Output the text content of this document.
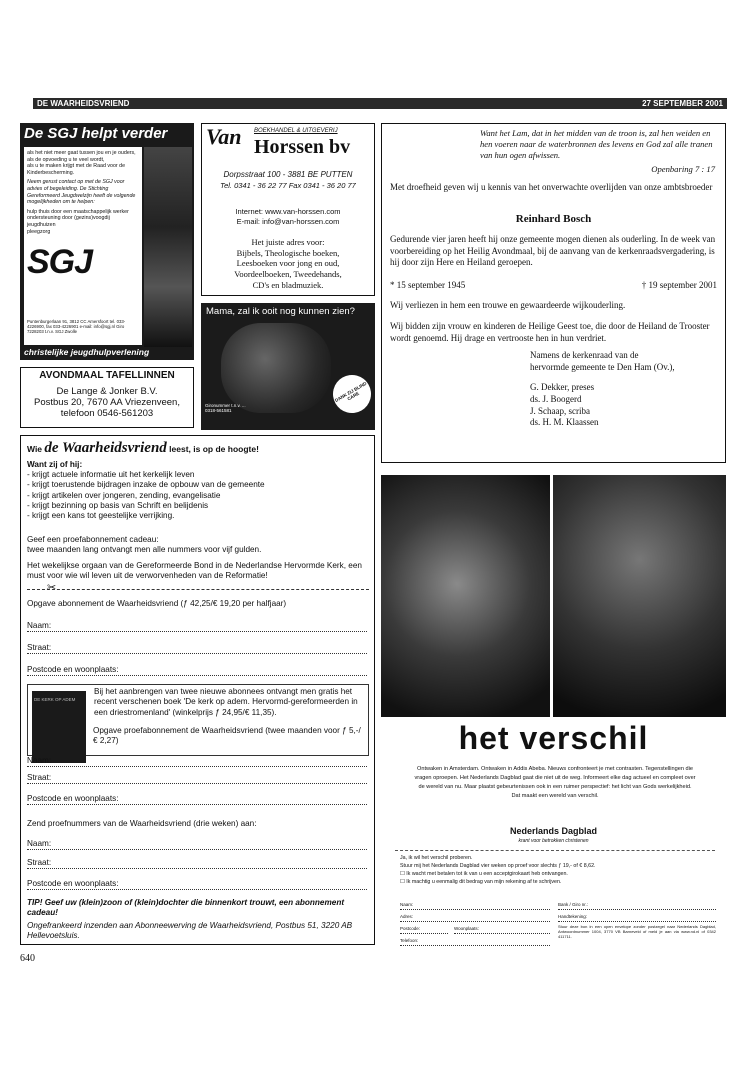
DE WAARHEIDSVRIEND	27 SEPTEMBER 2001
De SGJ helpt verder
als het niet meer gaat tussen jou en je ouders,
als de opvoeding u te veel wordt,
als u te maken krijgt met de Raad voor de Kinderbescherming.
Neem gerust contact op met de SGJ voor advies of begeleiding. De Stichting Gereformeerd Jeugdwelzijn heeft de volgende mogelijkheden om te helpen:
hulp thuis door een maatschappelijk werker
ondersteuning door (gezins)voogdij
jeugdhuizen
pleegzorg
SGJ
Puntenburgerlaan 91, 3812 CC Amersfoort tel. 033-4226900, fax 033-4226901 e-mail: info@sgj.nl Giro 7228203 t.n.v. SGJ Zwolle
christelijke jeugdhulpverlening
Van BOEKHANDEL & UITGEVERIJ
Horssen bv
Dorpsstraat 100 - 3881 BE PUTTEN
Tel. 0341 - 36 22 77 Fax 0341 - 36 20 77
Internet: www.van-horssen.com
E-mail: info@van-horssen.com
Het juiste adres voor:
Bijbels, Theologische boeken,
Leesboeken voor jong en oud,
Voordeelboeken, Tweedehands,
CD's en bladmuziek.
Mama, zal ik ooit nog kunnen zien?
DANK ZIJ BLIND CARE
Gironummer t.n.v. ... 0318-561581
AVONDMAAL TAFELLINNEN
De Lange & Jonker B.V.
Postbus 20, 7670 AA Vriezenveen,
telefoon 0546-561203
Want het Lam, dat in het midden van de troon is, zal hen weiden en hen voeren naar de waterbronnen des levens en God zal alle tranen van hun ogen afwissen.
Openbaring 7 : 17
Met droefheid geven wij u kennis van het onverwachte overlijden van onze ambtsbroeder
Reinhard Bosch
Gedurende vier jaren heeft hij onze gemeente mogen dienen als ouderling. In de week van voorbereiding op het Heilig Avondmaal, bij de aanvang van de kerkenraadsvergadering, is hij door zijn Here en Heiland geroepen.
* 15 september 1945	† 19 september 2001
Wij verliezen in hem een trouwe en gewaardeerde wijkouderling.
Wij bidden zijn vrouw en kinderen de Heilige Geest toe, die door de Heiland de Trooster wordt genoemd. Hij drage en vertrooste hen in hun verdriet.
Namens de kerkenraad van de
hervormde gemeente te Den Ham (Ov.),
G. Dekker, preses
ds. J. Boogerd
J. Schaap, scriba
ds. H. M. Klaassen
Wie de Waarheidsvriend leest, is op de hoogte!
Want zij of hij:
- krijgt actuele informatie uit het kerkelijk leven
- krijgt toerustende bijdragen inzake de opbouw van de gemeente
- krijgt artikelen over jongeren, zending, evangelisatie
- krijgt bezinning op basis van Schrift en belijdenis
- krijgt een kans tot geestelijke verrijking.
Geef een proefabonnement cadeau:
twee maanden lang ontvangt men alle nummers voor vijf gulden.
Het wekelijkse orgaan van de Gereformeerde Bond in de Nederlandse Hervormde Kerk, een must voor wie wil leven uit de verworvenheden van de Reformatie!
✂
Opgave abonnement de Waarheidsvriend (ƒ 42,25/€ 19,20 per halfjaar)
Naam:
Straat:
Postcode en woonplaats:
DE KERK OP ADEM
Bij het aanbrengen van twee nieuwe abonnees ontvangt men gratis het recent verschenen boek 'De kerk op adem. Hervormd-gereformeerden in een driestromenland' (winkelprijs ƒ 24,95/€ 11,35).
Opgave proefabonnement de Waarheidsvriend (twee maanden voor ƒ 5,-/€ 2,27)
Naam:
Straat:
Postcode en woonplaats:
Zend proefnummers van de Waarheidsvriend (drie weken) aan:
Naam:
Straat:
Postcode en woonplaats:
TIP! Geef uw (klein)zoon of (klein)dochter die binnenkort trouwt, een abonnement cadeau!
Ongefrankeerd inzenden aan Abonneewerving de Waarheidsvriend, Postbus 51, 3220 AB Hellevoetsluis.
het verschil
Ontwaken in Amsterdam. Ontwaken in Addis Abeba. Nieuws confronteert je met contrasten. Tegenstellingen die vragen oproepen. Het Nederlands Dagblad gaat die niet uit de weg. Informeert elke dag actueel en compleet over de wereld van nu. Maar plaatst gebeurtenissen ook in een ruimer perspectief: het licht van Gods werkelijkheid. Dat maakt een wereld van verschil.
Nederlands Dagblad
krant voor betrokken christenen
Ja, ik wil het verschil proberen.
Stuur mij het Nederlands Dagblad vier weken op proef voor slechts ƒ 19,- of € 8,62.
☐ Ik wacht met betalen tot ik van u een acceptgirokaart heb ontvangen.
☐ Ik machtig u eenmalig dit bedrag van mijn rekening af te schrijven.
Naam:	Bank / Giro nr.:
Adres:	Handtekening:
Postcode:	Woonplaats:
Telefoon:
Stuur deze bon in een open envelope zonder postzegel naar Nederlands Dagblad, Antwoordnummer 1004, 3770 VB Barneveld of meld je aan via www.nd.nl of 0342 411711.
640
